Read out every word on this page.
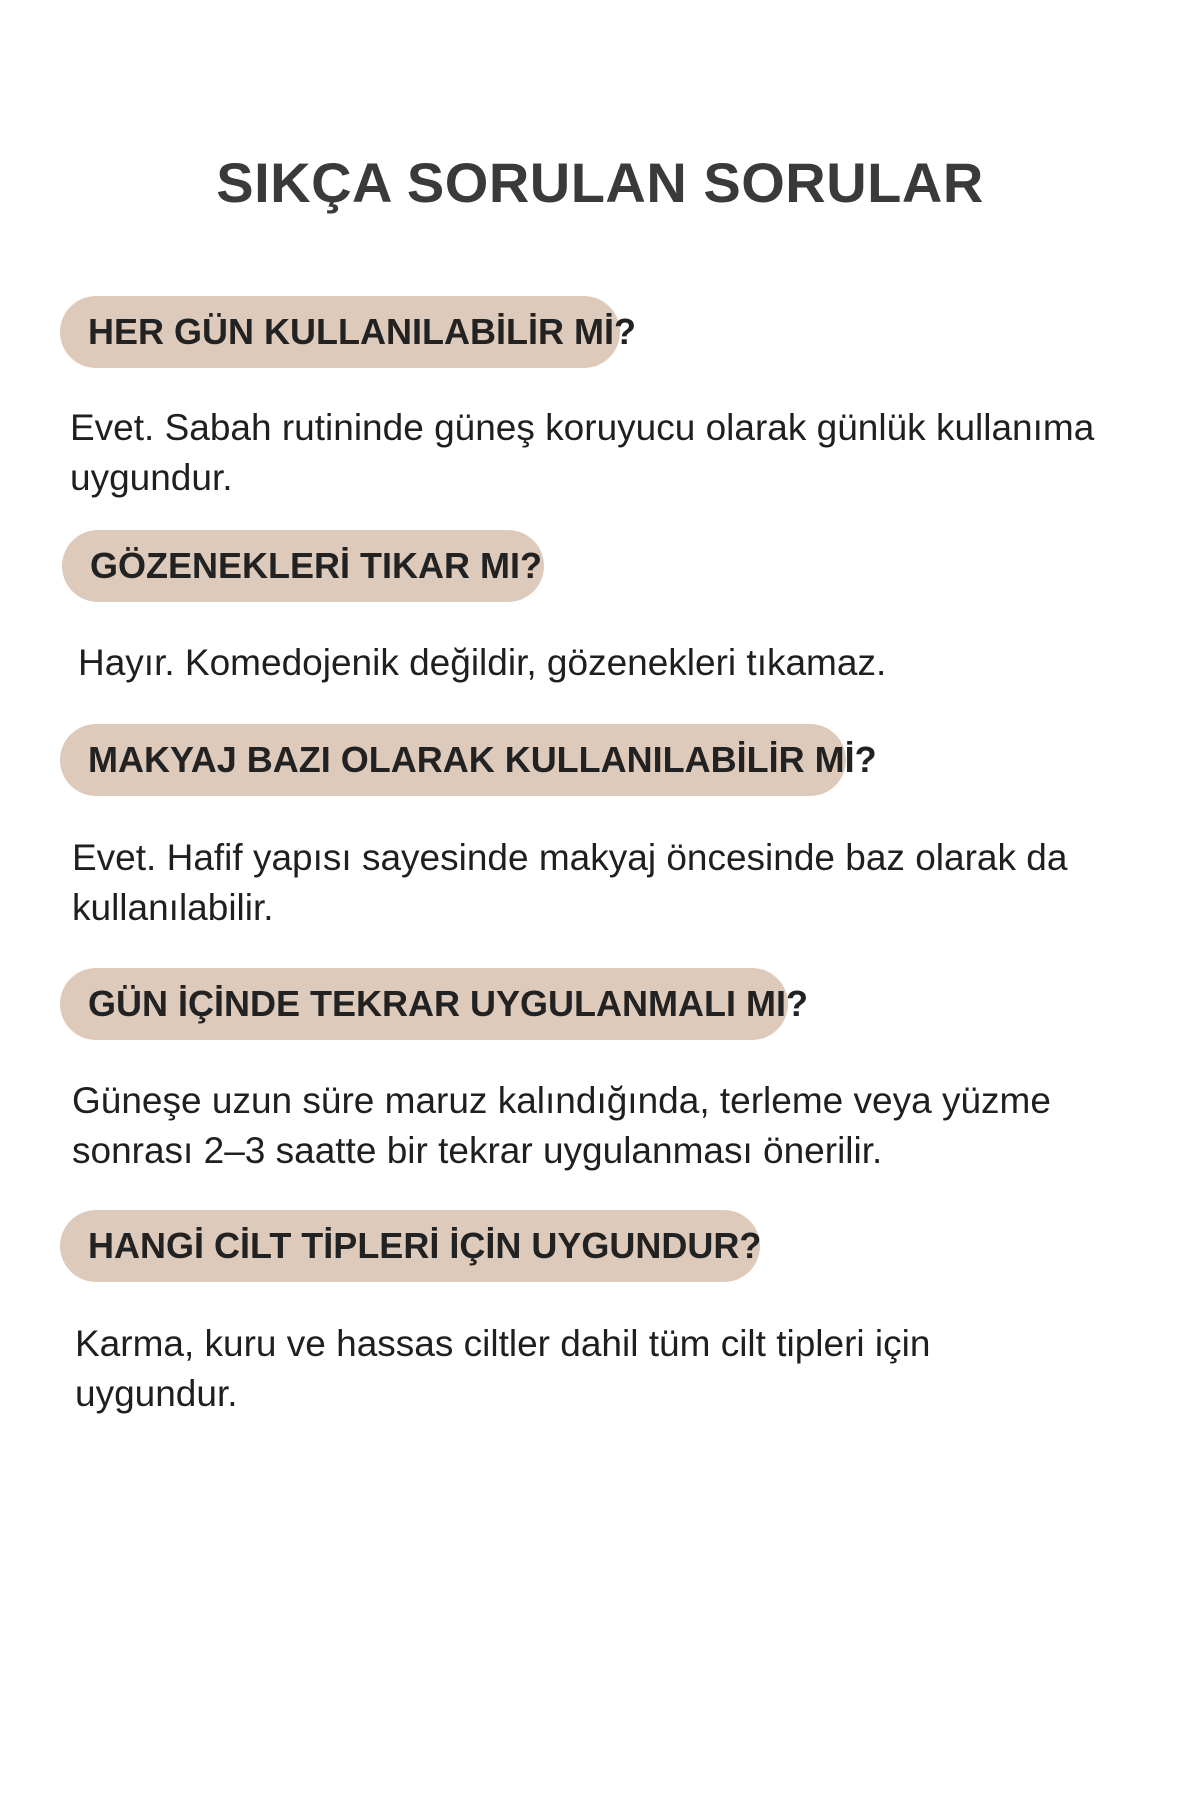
SIKÇA SORULAN SORULAR
HER GÜN KULLANILABİLİR Mİ?

Evet. Sabah rutininde güneş koruyucu olarak günlük kullanıma uygundur.

GÖZENEKLERİ TIKAR MI?

Hayır. Komedojenik değildir, gözenekleri tıkamaz.

MAKYAJ BAZI OLARAK KULLANILABİLİR Mİ?

Evet. Hafif yapısı sayesinde makyaj öncesinde baz olarak da kullanılabilir.

GÜN İÇİNDE TEKRAR UYGULANMALI MI?

Güneşe uzun süre maruz kalındığında, terleme veya yüzme sonrası 2–3 saatte bir tekrar uygulanması önerilir.

HANGİ CİLT TİPLERİ İÇİN UYGUNDUR?

Karma, kuru ve hassas ciltler dahil tüm cilt tipleri için uygundur.
